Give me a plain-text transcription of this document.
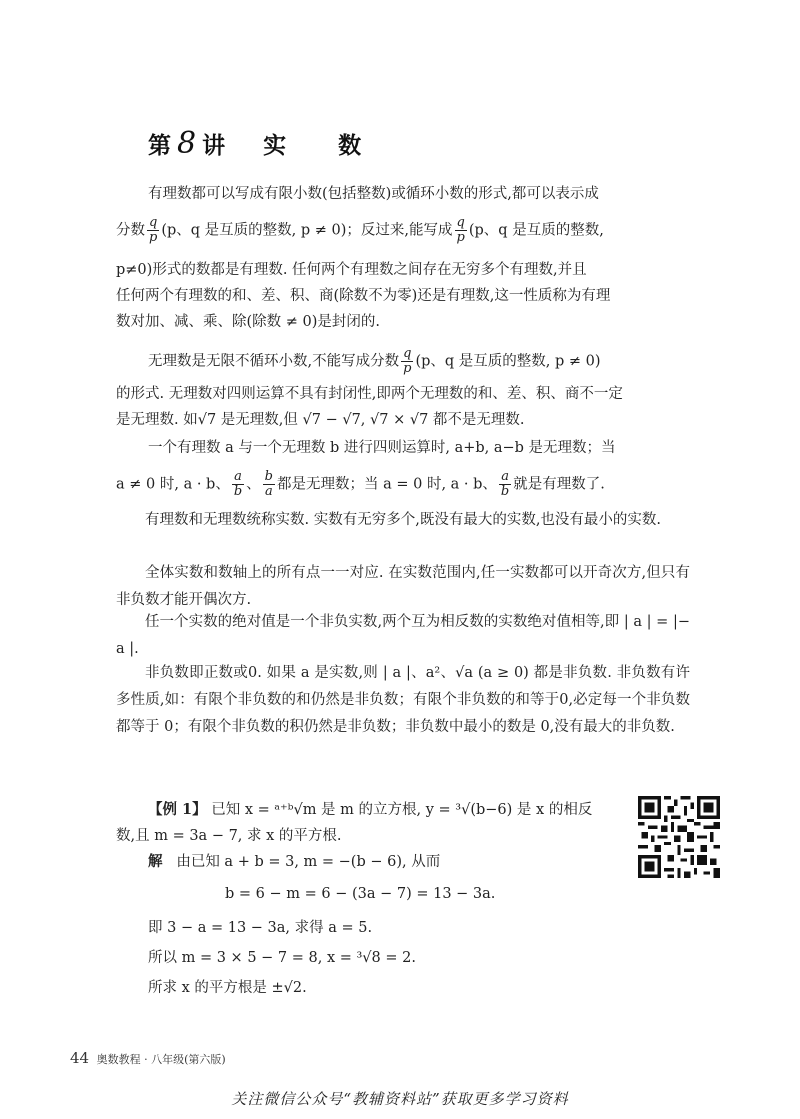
第 8 讲 实　　数
有理数都可以写成有限小数(包括整数)或循环小数的形式,都可以表示成
分数 $\frac{q}{p} (p$、q 是互质的整数, p ≠ 0)；反过来,能写成 $\frac{q}{p} (p$、q 是互质的整数,
p≠0)形式的数都是有理数. 任何两个有理数之间存在无穷多个有理数,并且
任何两个有理数的和、差、积、商(除数不为零)还是有理数,这一性质称为有理
数对加、减、乘、除(除数 ≠ 0)是封闭的.
无理数是无限不循环小数,不能写成分数 $\frac{q}{p} (p$、q 是互质的整数, p ≠ 0)
的形式. 无理数对四则运算不具有封闭性,即两个无理数的和、差、积、商不一定
是无理数. 如√7 是无理数,但 √7 − √7, √7 × √7 都不是无理数.
一个有理数 a 与一个无理数 b 进行四则运算时, a+b, a−b 是无理数；当
a ≠ 0 时, a · b、 $\frac{a}{b}$ 、 $\frac{b}{a}$ 都是无理数；当 a = 0 时, a · b、 $\frac{a}{b}$ 就是有理数了.
有理数和无理数统称实数. 实数有无穷多个,既没有最大的实数,也没有最小的实数.
全体实数和数轴上的所有点一一对应. 在实数范围内,任一实数都可以开奇次方,但只有非负数才能开偶次方.
任一个实数的绝对值是一个非负实数,两个互为相反数的实数绝对值相等,即 | a | = |− a |.
非负数即正数或0. 如果 a 是实数,则 | a |、a²、√a (a ≥ 0) 都是非负数. 非负数有许多性质,如：有限个非负数的和仍然是非负数；有限个非负数的和等于0,必定每一个非负数都等于 0；有限个非负数的积仍然是非负数；非负数中最小的数是 0,没有最大的非负数.
【例 1】 已知 x = ᵃ⁺ᵇ√m 是 m 的立方根, y = ³√(b−6) 是 x 的相反
数,且 m = 3a − 7, 求 x 的平方根.
解 由已知 a + b = 3, m = −(b − 6), 从而
b = 6 − m = 6 − (3a − 7) = 13 − 3a.
即 3 − a = 13 − 3a, 求得 a = 5.
所以 m = 3 × 5 − 7 = 8, x = ³√8 = 2.
所求 x 的平方根是 ±√2.
44 奥数教程 · 八年级(第六版)
关注微信公众号“教辅资料站”获取更多学习资料
